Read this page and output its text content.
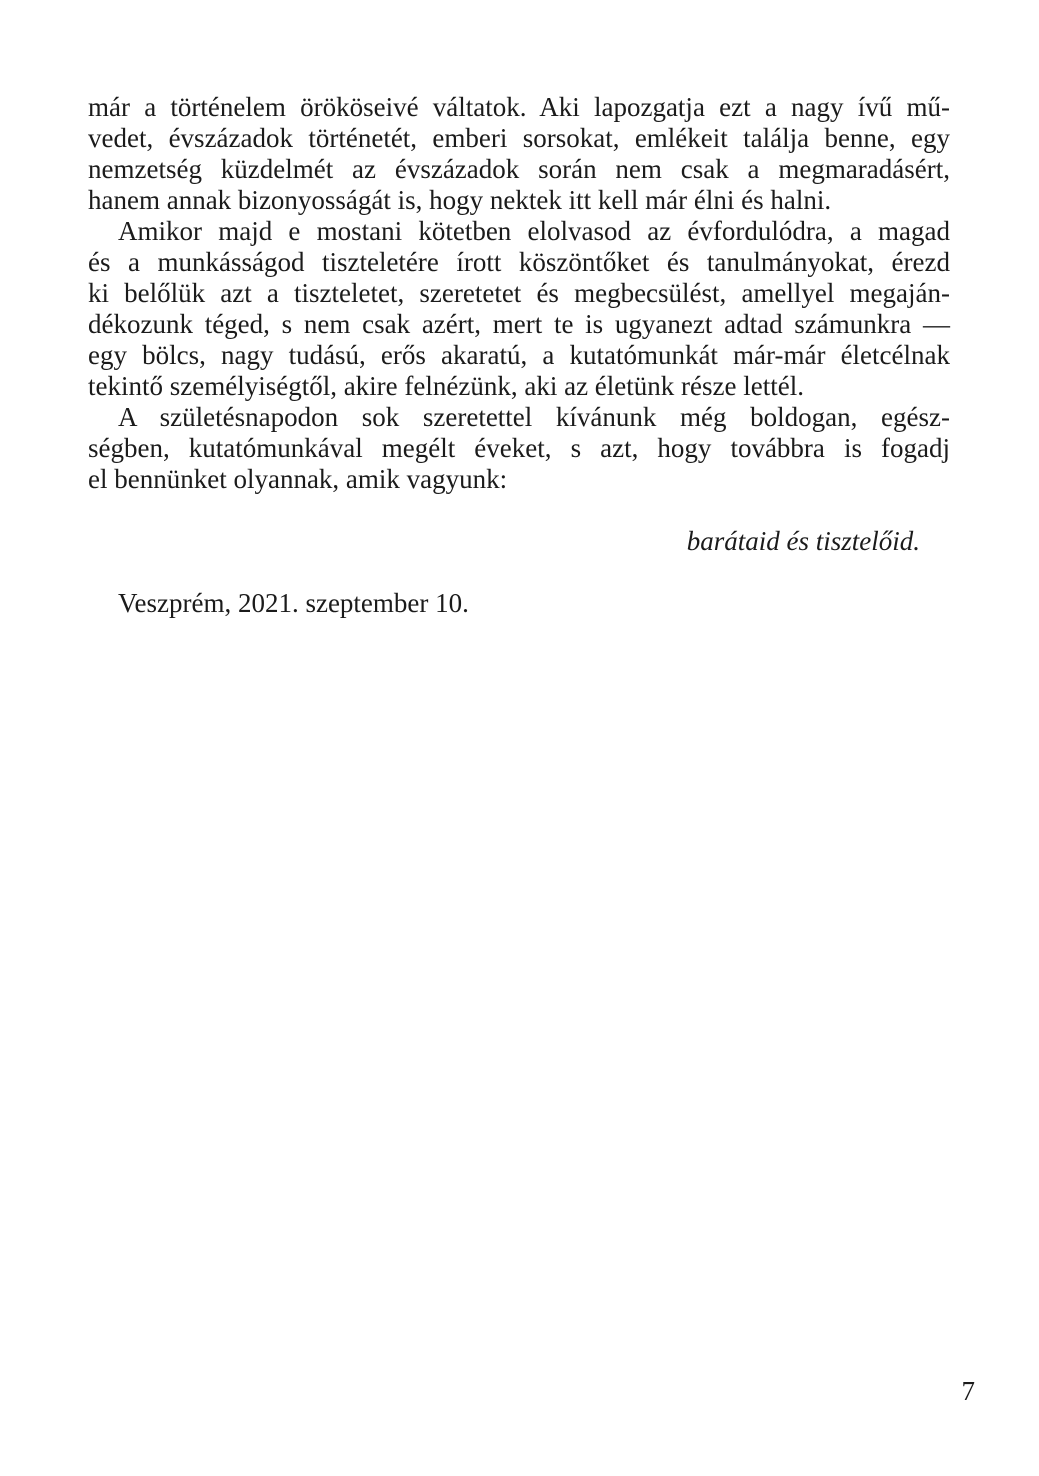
már a történelem örököseivé váltatok. Aki lapozgatja ezt a nagy ívű mű-
vedet, évszázadok történetét, emberi sorsokat, emlékeit találja benne, egy
nemzetség küzdelmét az évszázadok során nem csak a megmaradásért,
hanem annak bizonyosságát is, hogy nektek itt kell már élni és halni.
Amikor majd e mostani kötetben elolvasod az évfordulódra, a magad
és a munkásságod tiszteletére írott köszöntőket és tanulmányokat, érezd
ki belőlük azt a tiszteletet, szeretetet és megbecsülést, amellyel megaján-
dékozunk téged, s nem csak azért, mert te is ugyanezt adtad számunkra —
egy bölcs, nagy tudású, erős akaratú, a kutatómunkát már-már életcélnak
tekintő személyiségtől, akire felnézünk, aki az életünk része lettél.
A születésnapodon sok szeretettel kívánunk még boldogan, egész-
ségben, kutatómunkával megélt éveket, s azt, hogy továbbra is fogadj
el bennünket olyannak, amik vagyunk:
barátaid és tisztelőid.
Veszprém, 2021. szeptember 10.
7
